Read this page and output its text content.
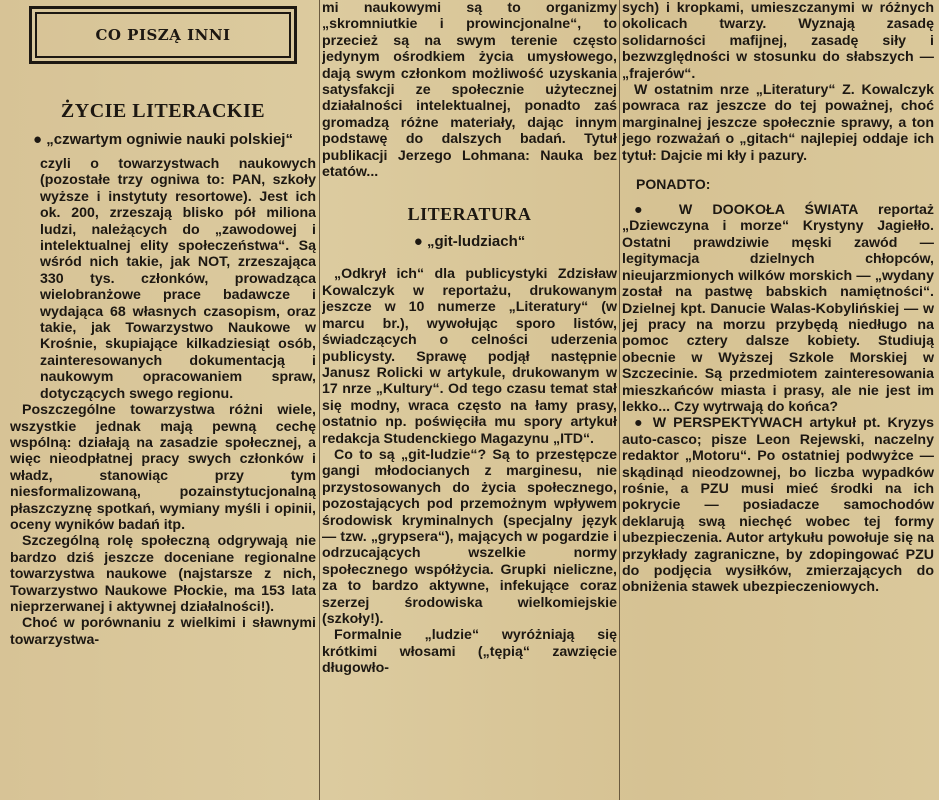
CO PISZĄ INNI
ŻYCIE LITERACKIE
● „czwartym ogniwie nauki polskiej“

czyli o towarzystwach naukowych (pozostałe trzy ogniwa to: PAN, szkoły wyższe i instytuty resortowe). Jest ich ok. 200, zrzeszają blisko pół miliona ludzi, należących do „zawodowej i intelektualnej elity społeczeństwa“. Są wśród nich takie, jak NOT, zrzeszająca 330 tys. członków, prowadząca wielobranżowe prace badawcze i wydająca 68 własnych czasopism, oraz takie, jak Towarzystwo Naukowe w Krośnie, skupiające kilkadziesiąt osób, zainteresowanych dokumentacją i naukowym opracowaniem spraw, dotyczących swego regionu.

Poszczególne towarzystwa różni wiele, wszystkie jednak mają pewną cechę wspólną: działają na zasadzie społecznej, a więc nieodpłatnej pracy swych członków i władz, stanowiąc przy tym niesformalizowaną, pozainstytucjonalną płaszczyznę spotkań, wymiany myśli i opinii, oceny wyników badań itp.

Szczególną rolę społeczną odgrywają nie bardzo dziś jeszcze doceniane regionalne towarzystwa naukowe (najstarsze z nich, Towarzystwo Naukowe Płockie, ma 153 lata nieprzerwanej i aktywnej działalności!).

Choć w porównaniu z wielkimi i sławnymi towarzystwa-

mi naukowymi są to organizmy „skromniutkie i prowincjonalne“, to przecież są na swym terenie często jedynym ośrodkiem życia umysłowego, dają swym członkom możliwość uzyskania satysfakcji ze społecznie użytecznej działalności intelektualnej, ponadto zaś gromadzą różne materiały, dając innym podstawę do dalszych badań. Tytuł publikacji Jerzego Lohmana: Nauka bez etatów...

LITERATURA
● „git-ludziach“

„Odkrył ich“ dla publicystyki Zdzisław Kowalczyk w reportażu, drukowanym jeszcze w 10 numerze „Literatury“ (w marcu br.), wywołując sporo listów, świadczących o celności uderzenia publicysty. Sprawę podjął następnie Janusz Rolicki w artykule, drukowanym w 17 nrze „Kultury“. Od tego czasu temat stał się modny, wraca często na łamy prasy, ostatnio np. poświęciła mu spory artykuł redakcja Studenckiego Magazynu „ITD“.

Co to są „git-ludzie“? Są to przestępcze gangi młodocianych z marginesu, nie przystosowanych do życia społecznego, pozostających pod przemożnym wpływem środowisk kryminalnych (specjalny język — tzw. „grypsera“), mających w pogardzie i odrzucających wszelkie normy społecznego współżycia. Grupki nieliczne, za to bardzo aktywne, infekujące coraz szerzej środowiska wielkomiejskie (szkoły!).

Formalnie „ludzie“ wyróżniają się krótkimi włosami („tępią“ zawzięcie długowło-

sych) i kropkami, umieszczanymi w różnych okolicach twarzy. Wyznają zasadę solidarności mafijnej, zasadę siły i bezwzględności w stosunku do słabszych — „frajerów“.

W ostatnim nrze „Literatury“ Z. Kowalczyk powraca raz jeszcze do tej poważnej, choć marginalnej jeszcze społecznie sprawy, a ton jego rozważań o „gitach“ najlepiej oddaje ich tytuł: Dajcie mi kły i pazury.

PONADTO:

● W DOOKOŁA ŚWIATA reportaż „Dziewczyna i morze“ Krystyny Jagiełło. Ostatni prawdziwie męski zawód — legitymacja dzielnych chłopców, nieujarzmionych wilków morskich — „wydany został na pastwę babskich namiętności“. Dzielnej kpt. Danucie Walas-Kobylińskiej — w jej pracy na morzu przybędą niedługo na pomoc cztery dalsze kobiety. Studiują obecnie w Wyższej Szkole Morskiej w Szczecinie. Są przedmiotem zainteresowania mieszkańców miasta i prasy, ale nie jest im lekko... Czy wytrwają do końca?

● W PERSPEKTYWACH artykuł pt. Kryzys auto-casco; pisze Leon Rejewski, naczelny redaktor „Motoru“. Po ostatniej podwyżce — skądinąd nieodzownej, bo liczba wypadków rośnie, a PZU musi mieć środki na ich pokrycie — posiadacze samochodów deklarują swą niechęć wobec tej formy ubezpieczenia. Autor artykułu powołuje się na przykłady zagraniczne, by zdopingować PZU do podjęcia wysiłków, zmierzających do obniżenia stawek ubezpieczeniowych.
